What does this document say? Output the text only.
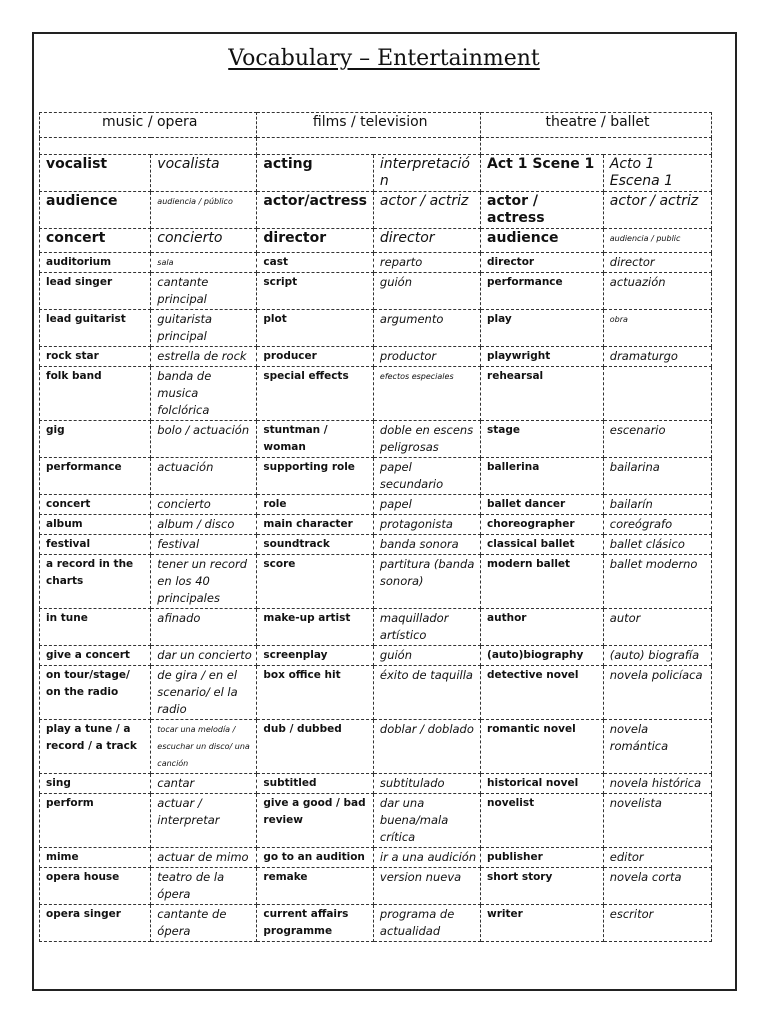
Vocabulary – Entertainment
music / opera		films / television		theatre / ballet	

vocalist	vocalista	acting	interpretación	Act 1 Scene 1	Acto 1 Escena 1
audience	audiencia / público	actor/actress	actor / actriz	actor / actress	actor / actriz
concert	concierto	director	director	audience	audiencia / public
auditorium	sala	cast	reparto	director	director
lead singer	cantante principal	script	guión	performance	actuazión
lead guitarist	guitarista principal	plot	argumento	play	obra
rock star	estrella de rock	producer	productor	playwright	dramaturgo
folk band	banda de musica folclórica	special effects	efectos especiales	rehearsal	
gig	bolo / actuación	stuntman / woman	doble en escens peligrosas	stage	escenario
performance	actuación	supporting role	papel secundario	ballerina	bailarina
concert	concierto	role	papel	ballet dancer	bailarín
album	album / disco	main character	protagonista	choreographer	coreógrafo
festival	festival	soundtrack	banda sonora	classical ballet	ballet clásico
a record in the charts	tener un record en los 40 principales	score	partitura (banda sonora)	modern ballet	ballet moderno
in tune	afinado	make-up artist	maquillador artístico	author	autor
give a concert	dar un concierto	screenplay	guión	(auto)biography	(auto) biografía
on tour/stage/ on the radio	de gira / en el scenario/ el la radio	box office hit	éxito de taquilla	detective novel	novela policíaca
play a tune / a record / a track	tocar una melodía / escuchar un disco/ una canción	dub / dubbed	doblar / doblado	romantic novel	novela romántica
sing	cantar	subtitled	subtitulado	historical novel	novela histórica
perform	actuar / interpretar	give a good / bad review	dar una buena/mala crítica	novelist	novelista
mime	actuar de mimo	go to an audition	ir a una audición	publisher	editor
opera house	teatro de la ópera	remake	version nueva	short story	novela corta
opera singer	cantante de ópera	current affairs programme	programa de actualidad	writer	escritor
